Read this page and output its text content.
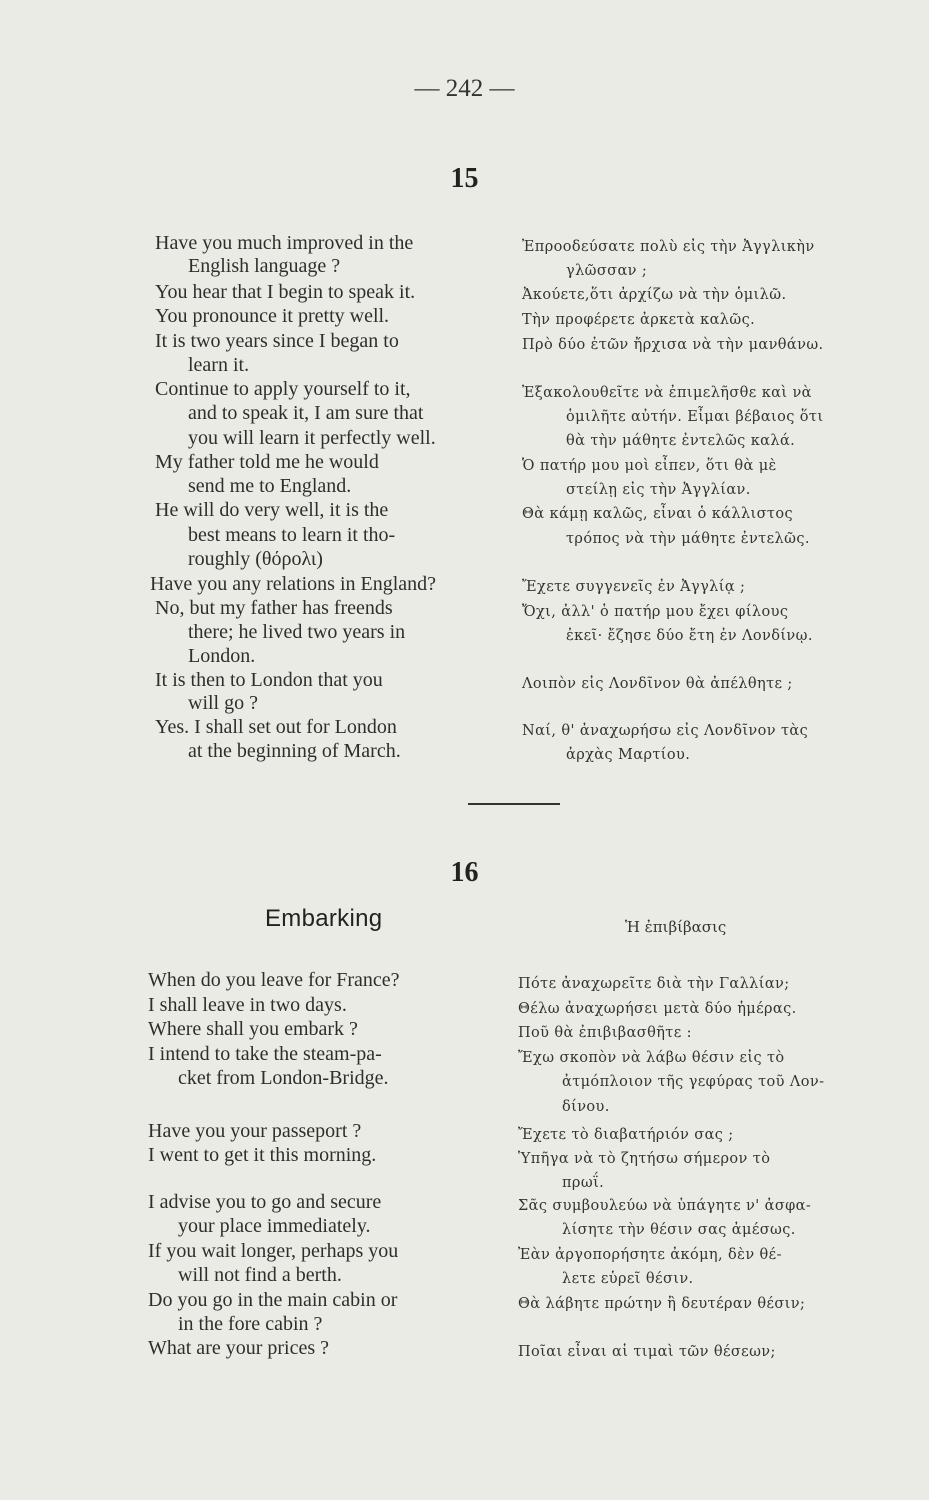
— 242 —
15
Have you much improved in the
English language ?
You hear that I begin to speak it.
You pronounce it pretty well.
It is two years since I began to
learn it.
Continue to apply yourself to it,
and to speak it, I am sure that
you will learn it perfectly well.
My father told me he would
send me to England.
He will do very well, it is the
best means to learn it tho-
roughly (θόρολι)
Have you any relations in England?
No, but my father has freends
there; he lived two years in
London.
It is then to London that you
will go ?
Yes. I shall set out for London
at the beginning of March.
Ἐπροοδεύσατε πολὺ εἰς τὴν Ἀγγλικὴν
γλῶσσαν ;
Ἀκούετε,ὅτι ἀρχίζω νὰ τὴν ὁμιλῶ.
Τὴν προφέρετε ἀρκετὰ καλῶς.
Πρὸ δύο ἐτῶν ἤρχισα νὰ τὴν μανθάνω.
Ἐξακολουθεῖτε νὰ ἐπιμελῆσθε καὶ νὰ
ὁμιλῆτε αὐτήν. Εἶμαι βέβαιος ὅτι
θὰ τὴν μάθητε ἐντελῶς καλά.
Ὁ πατήρ μου μοὶ εἶπεν, ὅτι θὰ μὲ
στείλῃ εἰς τὴν Ἀγγλίαν.
Θὰ κάμῃ καλῶς, εἶναι ὁ κάλλιστος
τρόπος νὰ τὴν μάθητε ἐντελῶς.
Ἔχετε συγγενεῖς ἐν Ἀγγλίᾳ ;
Ὄχι, ἀλλ' ὁ πατήρ μου ἔχει φίλους
ἐκεῖ· ἔζησε δύο ἔτη ἐν Λονδίνῳ.
Λοιπὸν εἰς Λονδῖνον θὰ ἀπέλθητε ;
Ναί, θ' ἀναχωρήσω εἰς Λονδῖνον τὰς
ἀρχὰς Μαρτίου.
16
Embarking	Ἡ ἐπιβίβασις
When do you leave for France?
I shall leave in two days.
Where shall you embark ?
I intend to take the steam-pa-
cket from London-Bridge.
Have you your passeport ?
I went to get it this morning.
I advise you to go and secure
your place immediately.
If you wait longer, perhaps you
will not find a berth.
Do you go in the main cabin or
in the fore cabin ?
What are your prices ?
Πότε ἀναχωρεῖτε διὰ τὴν Γαλλίαν;
Θέλω ἀναχωρήσει μετὰ δύο ἡμέρας.
Ποῦ θὰ ἐπιβιβασθῆτε :
Ἔχω σκοπὸν νὰ λάβω θέσιν εἰς τὸ
ἀτμόπλοιον τῆς γεφύρας τοῦ Λον-
δίνου.
Ἔχετε τὸ διαβατήριόν σας ;
Ὑπῆγα νὰ τὸ ζητήσω σήμερον τὸ
πρωΐ.
Σᾶς συμβουλεύω νὰ ὑπάγητε ν' ἀσφα-
λίσητε τὴν θέσιν σας ἀμέσως.
Ἐὰν ἀργοπορήσητε ἀκόμη, δὲν θέ-
λετε εὑρεῖ θέσιν.
Θὰ λάβητε πρώτην ἢ δευτέραν θέσιν;
Ποῖαι εἶναι αἱ τιμαὶ τῶν θέσεων;
